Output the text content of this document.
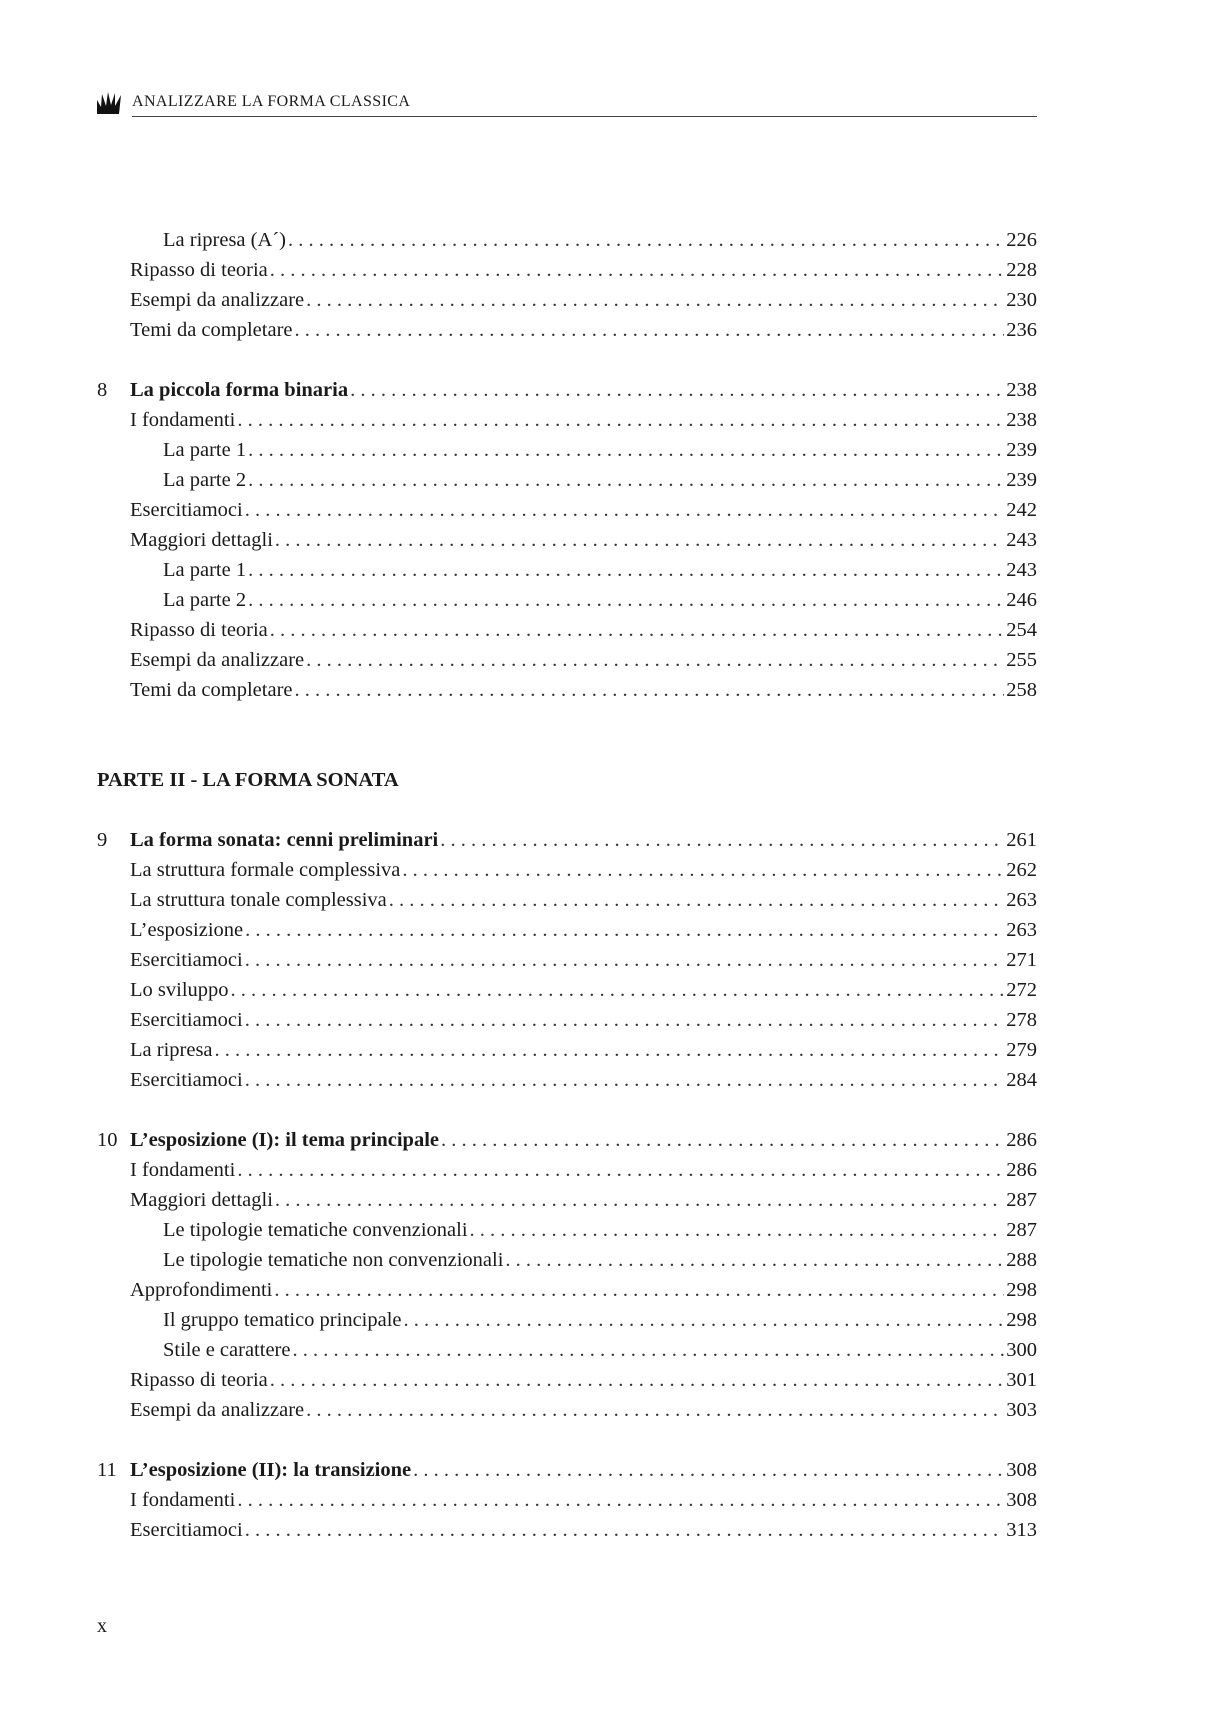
ANALIZZARE LA FORMA CLASSICA
La ripresa (A´) . . .	226
Ripasso di teoria . . .	228
Esempi da analizzare . . .	230
Temi da completare . . .	236
8	La piccola forma binaria . . .	238
I fondamenti . . .	238
La parte 1 . . .	239
La parte 2 . . .	239
Esercitiamoci . . .	242
Maggiori dettagli . . .	243
La parte 1 . . .	243
La parte 2 . . .	246
Ripasso di teoria . . .	254
Esempi da analizzare . . .	255
Temi da completare . . .	258
PARTE II - LA FORMA SONATA
9	La forma sonata: cenni preliminari . . .	261
La struttura formale complessiva . . .	262
La struttura tonale complessiva . . .	263
L’esposizione . . .	263
Esercitiamoci . . .	271
Lo sviluppo . . .	272
Esercitiamoci . . .	278
La ripresa . . .	279
Esercitiamoci . . .	284
10 L’esposizione (I): il tema principale . . .	286
I fondamenti . . .	286
Maggiori dettagli . . .	287
Le tipologie tematiche convenzionali . . .	287
Le tipologie tematiche non convenzionali . . .	288
Approfondimenti . . .	298
Il gruppo tematico principale . . .	298
Stile e carattere . . .	300
Ripasso di teoria . . .	301
Esempi da analizzare . . .	303
11 L’esposizione (II): la transizione . . .	308
I fondamenti . . .	308
Esercitiamoci . . .	313
x
